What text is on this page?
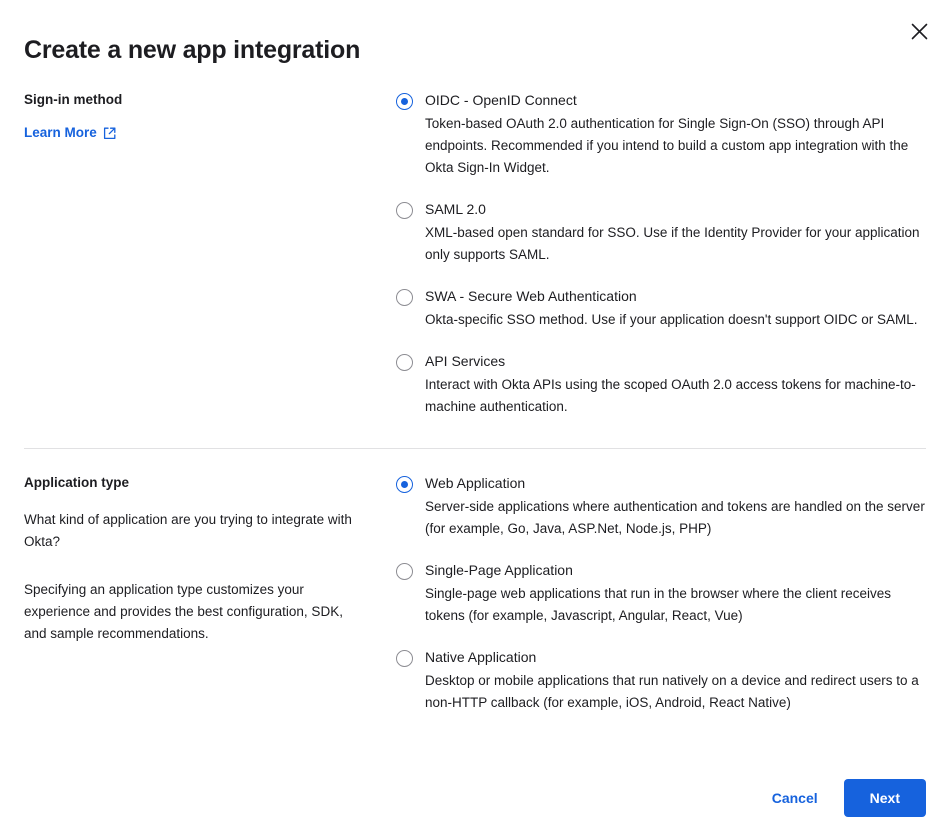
Create a new app integration

Sign-in method

Learn More

OIDC - OpenID Connect

Token-based OAuth 2.0 authentication for Single Sign-On (SSO) through API endpoints. Recommended if you intend to build a custom app integration with the Okta Sign-In Widget.

SAML 2.0

XML-based open standard for SSO. Use if the Identity Provider for your application only supports SAML.

SWA - Secure Web Authentication

Okta-specific SSO method. Use if your application doesn't support OIDC or SAML.

API Services

Interact with Okta APIs using the scoped OAuth 2.0 access tokens for machine-to-machine authentication.

Application type

What kind of application are you trying to integrate with Okta?

Specifying an application type customizes your experience and provides the best configuration, SDK, and sample recommendations.

Web Application

Server-side applications where authentication and tokens are handled on the server (for example, Go, Java, ASP.Net, Node.js, PHP)

Single-Page Application

Single-page web applications that run in the browser where the client receives tokens (for example, Javascript, Angular, React, Vue)

Native Application

Desktop or mobile applications that run natively on a device and redirect users to a non-HTTP callback (for example, iOS, Android, React Native)

Cancel	Next
